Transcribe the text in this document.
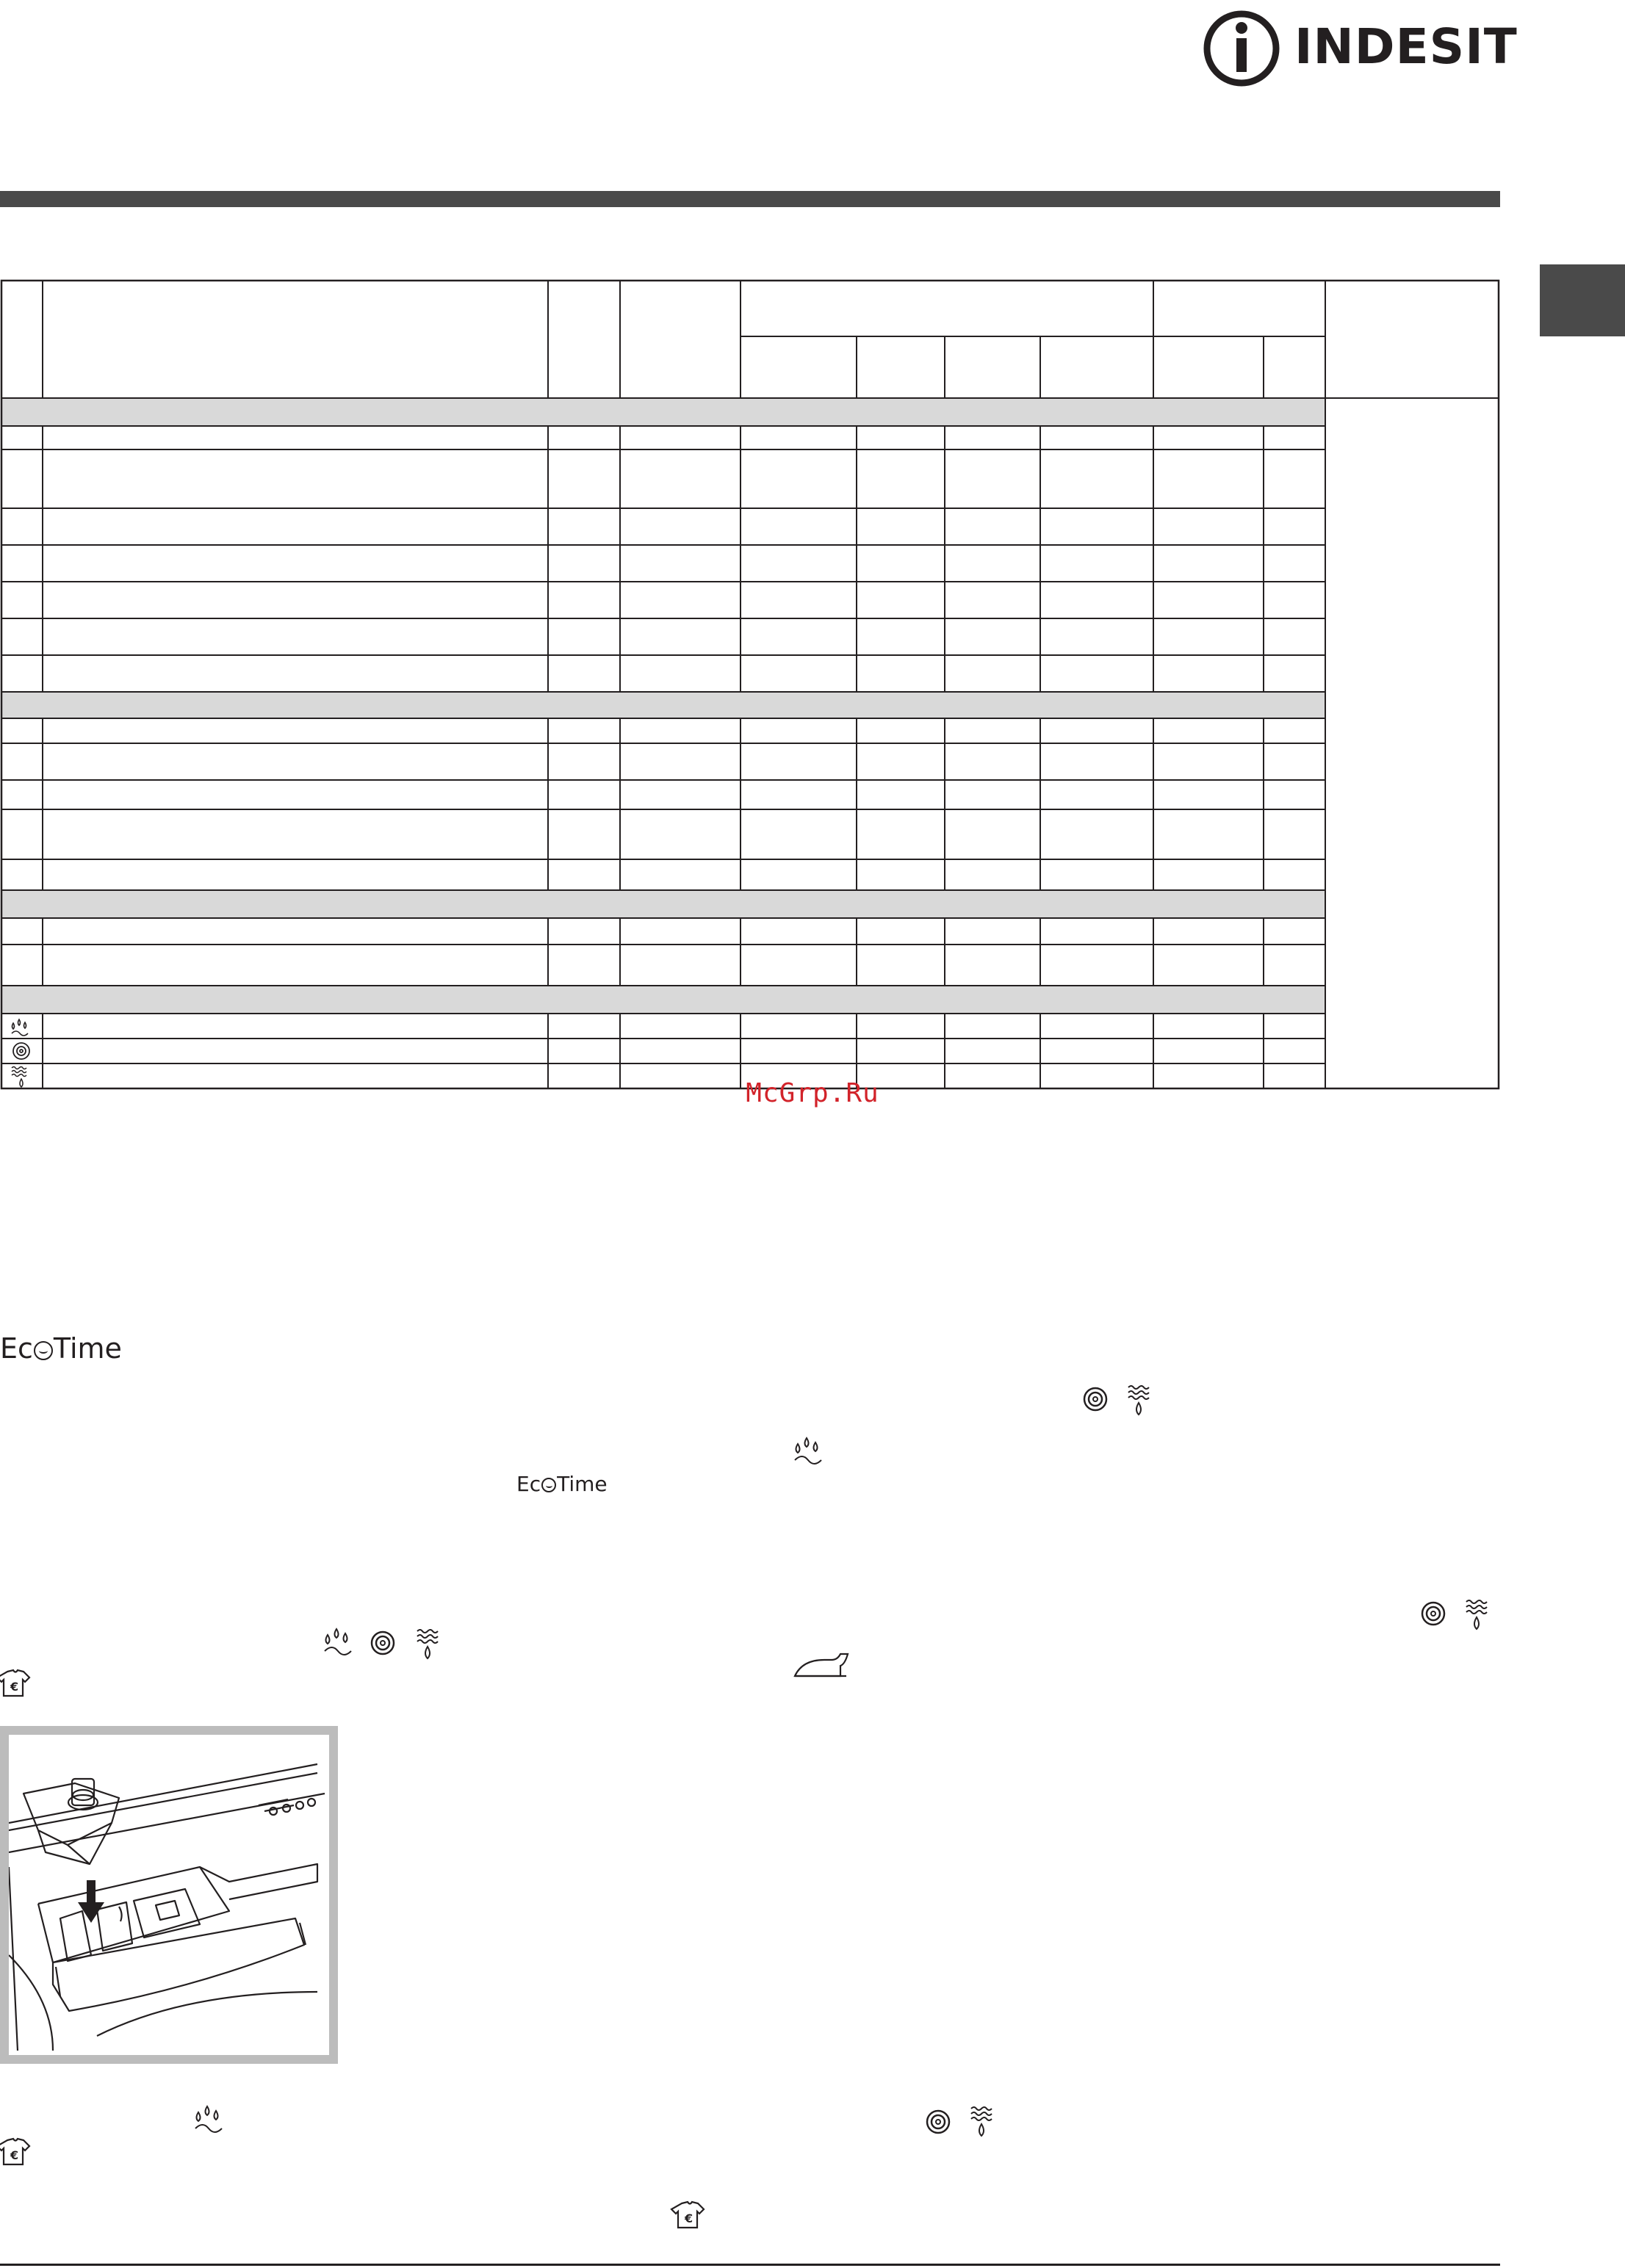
INDESIT
McGrp.Ru
Ec Time
Ec Time
€
€
€
